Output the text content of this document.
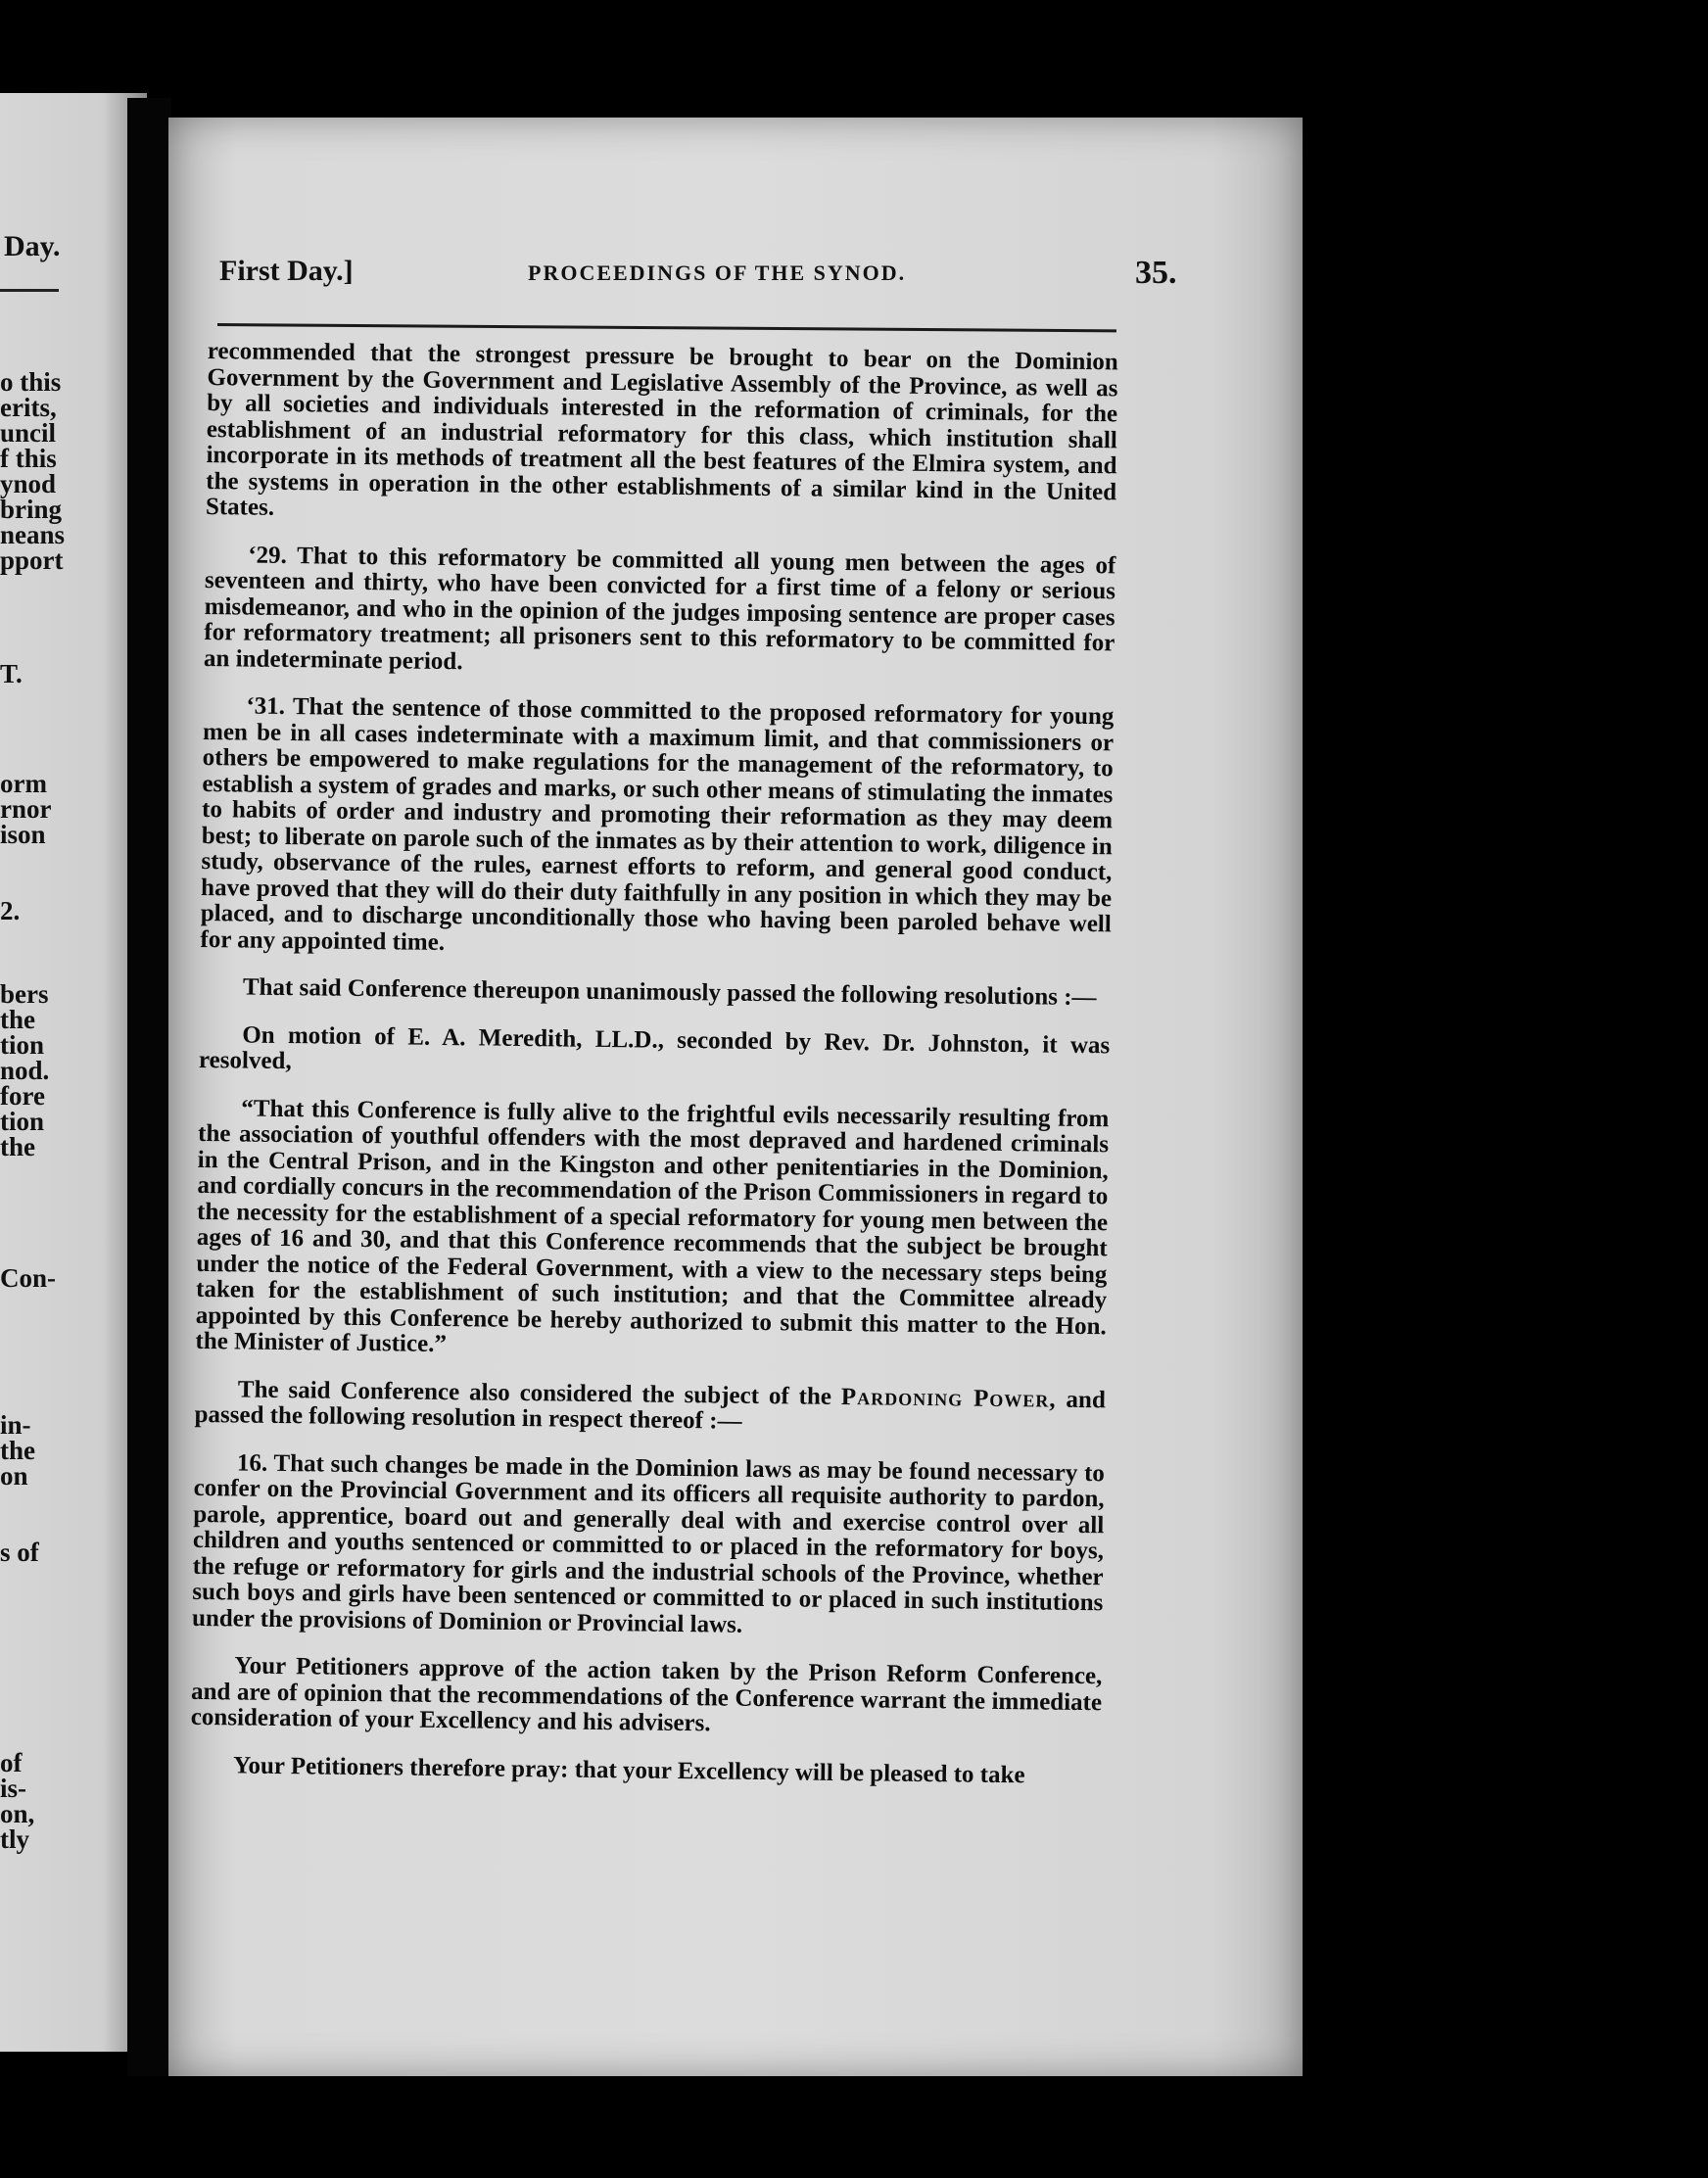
Day.
o this
erits,
uncil
f this
ynod
bring
neans
pport
T.
orm
rnor
ison
2.
bers
the
tion
nod.
fore
tion
the
Con-
in-
the
on
s of
of
is-
on,
tly
First Day.]	PROCEEDINGS OF THE SYNOD.	35.

recommended that the strongest pressure be brought to bear on the Dominion Government by the Government and Legislative Assembly of the Province, as well as by all societies and individuals interested in the reformation of criminals, for the establishment of an industrial reformatory for this class, which institution shall incorporate in its methods of treatment all the best features of the Elmira system, and the systems in operation in the other establishments of a similar kind in the United States.

‘29. That to this reformatory be committed all young men between the ages of seventeen and thirty, who have been convicted for a first time of a felony or serious misdemeanor, and who in the opinion of the judges imposing sentence are proper cases for reformatory treatment; all prisoners sent to this reformatory to be committed for an indeterminate period.

‘31. That the sentence of those committed to the proposed reformatory for young men be in all cases indeterminate with a maximum limit, and that commissioners or others be empowered to make regulations for the management of the reformatory, to establish a system of grades and marks, or such other means of stimulating the inmates to habits of order and industry and promoting their reformation as they may deem best; to liberate on parole such of the inmates as by their attention to work, diligence in study, observance of the rules, earnest efforts to reform, and general good conduct, have proved that they will do their duty faithfully in any position in which they may be placed, and to discharge unconditionally those who having been paroled behave well for any appointed time.

That said Conference thereupon unanimously passed the following resolutions :—

On motion of E. A. Meredith, LL.D., seconded by Rev. Dr. Johnston, it was resolved,

“That this Conference is fully alive to the frightful evils necessarily resulting from the association of youthful offenders with the most depraved and hardened criminals in the Central Prison, and in the Kingston and other penitentiaries in the Dominion, and cordially concurs in the recommendation of the Prison Commissioners in regard to the necessity for the establishment of a special reformatory for young men between the ages of 16 and 30, and that this Conference recommends that the subject be brought under the notice of the Federal Government, with a view to the necessary steps being taken for the establishment of such institution; and that the Committee already appointed by this Conference be hereby authorized to submit this matter to the Hon. the Minister of Justice.”

The said Conference also considered the subject of the Pardoning Power, and passed the following resolution in respect thereof :—

16. That such changes be made in the Dominion laws as may be found necessary to confer on the Provincial Government and its officers all requisite authority to pardon, parole, apprentice, board out and generally deal with and exercise control over all children and youths sentenced or committed to or placed in the reformatory for boys, the refuge or reformatory for girls and the industrial schools of the Province, whether such boys and girls have been sentenced or committed to or placed in such institutions under the provisions of Dominion or Provincial laws.

Your Petitioners approve of the action taken by the Prison Reform Conference, and are of opinion that the recommendations of the Conference warrant the immediate consideration of your Excellency and his advisers.

Your Petitioners therefore pray: that your Excellency will be pleased to take
